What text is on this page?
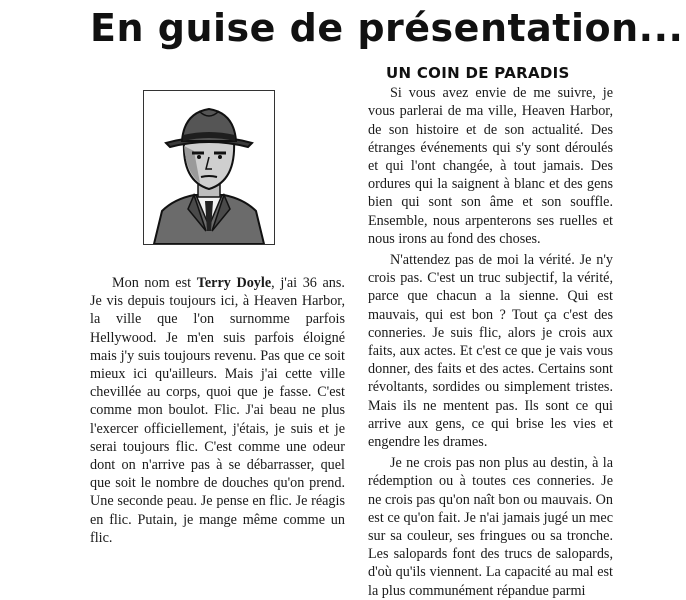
En guise de présentation...

Mon nom est Terry Doyle, j'ai 36 ans. Je vis depuis toujours ici, à Heaven Harbor, la ville que l'on surnomme parfois Hellywood. Je m'en suis parfois éloigné mais j'y suis toujours revenu. Pas que ce soit mieux ici qu'ailleurs. Mais j'ai cette ville chevillée au corps, quoi que je fasse. C'est comme mon boulot. Flic. J'ai beau ne plus l'exercer officiellement, j'étais, je suis et je serai toujours flic. C'est comme une odeur dont on n'arrive pas à se débarrasser, quel que soit le nombre de douches qu'on prend. Une seconde peau. Je pense en flic. Je réagis en flic. Putain, je mange même comme un flic.

UN COIN DE PARADIS

Si vous avez envie de me suivre, je vous parlerai de ma ville, Heaven Harbor, de son histoire et de son actualité. Des étranges événements qui s'y sont déroulés et qui l'ont changée, à tout jamais. Des ordures qui la saignent à blanc et des gens bien qui sont son âme et son souffle. Ensemble, nous arpenterons ses ruelles et nous irons au fond des choses.

N'attendez pas de moi la vérité. Je n'y crois pas. C'est un truc subjectif, la vérité, parce que chacun a la sienne. Qui est mauvais, qui est bon ? Tout ça c'est des conneries. Je suis flic, alors je crois aux faits, aux actes. Et c'est ce que je vais vous donner, des faits et des actes. Certains sont révoltants, sordides ou simplement tristes. Mais ils ne mentent pas. Ils sont ce qui arrive aux gens, ce qui brise les vies et engendre les drames.

Je ne crois pas non plus au destin, à la rédemption ou à toutes ces conneries. Je ne crois pas qu'on naît bon ou mauvais. On est ce qu'on fait. Je n'ai jamais jugé un mec sur sa couleur, ses fringues ou sa tronche. Les salopards font des trucs de salopards, d'où qu'ils viennent. La capacité au mal est la plus communément répandue parmi
